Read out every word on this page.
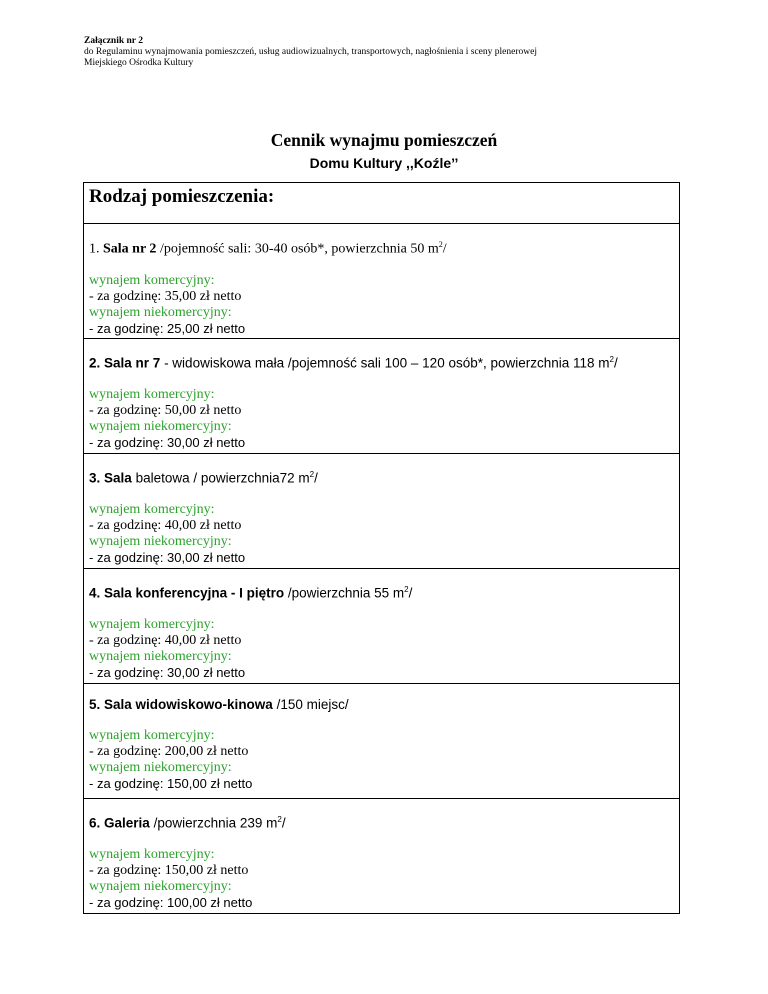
Załącznik nr 2
do Regulaminu wynajmowania pomieszczeń, usług audiowizualnych, transportowych, nagłośnienia i sceny plenerowej
Miejskiego Ośrodka Kultury
Cennik wynajmu pomieszczeń
Domu Kultury ,,Koźle’’
Rodzaj pomieszczenia:

1. Sala nr 2 /pojemność sali: 30-40 osób*, powierzchnia 50 $m^2/$
wynajem komercyjny:
- za godzinę: 35,00 zł netto
wynajem niekomercyjny:
- za godzinę: 25,00 zł netto

2. Sala nr 7 - widowiskowa mała /pojemność sali 100 – 120 osób*, powierzchnia 118 $m^2/$
wynajem komercyjny:
- za godzinę: 50,00 zł netto
wynajem niekomercyjny:
- za godzinę: 30,00 zł netto

3. Sala baletowa / powierzchnia72 $m^2/$
wynajem komercyjny:
- za godzinę: 40,00 zł netto
wynajem niekomercyjny:
- za godzinę: 30,00 zł netto

4. Sala konferencyjna - I piętro /powierzchnia 55 $m^2/$
wynajem komercyjny:
- za godzinę: 40,00 zł netto
wynajem niekomercyjny:
- za godzinę: 30,00 zł netto

5. Sala widowiskowo-kinowa /150 miejsc/
wynajem komercyjny:
- za godzinę: 200,00 zł netto
wynajem niekomercyjny:
- za godzinę: 150,00 zł netto

6. Galeria /powierzchnia 239 $m^2/$
wynajem komercyjny:
- za godzinę: 150,00 zł netto
wynajem niekomercyjny:
- za godzinę: 100,00 zł netto
